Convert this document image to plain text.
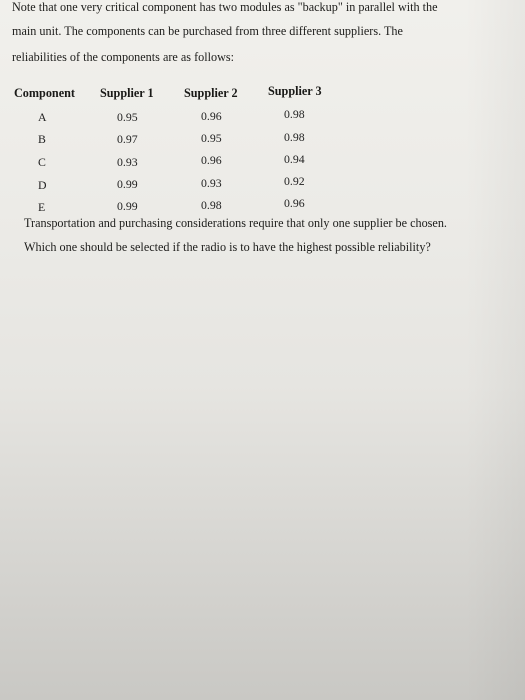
Note that one very critical component has two modules as "backup" in parallel with the
main unit. The components can be purchased from three different suppliers. The
reliabilities of the components are as follows:
Component Supplier 1 Supplier 2 Supplier 3
A	0.95	0.96	0.98
B	0.97	0.95	0.98
C	0.93	0.96	0.94
D	0.99	0.93	0.92
E	0.99	0.98	0.96
Transportation and purchasing considerations require that only one supplier be chosen.
Which one should be selected if the radio is to have the highest possible reliability?
